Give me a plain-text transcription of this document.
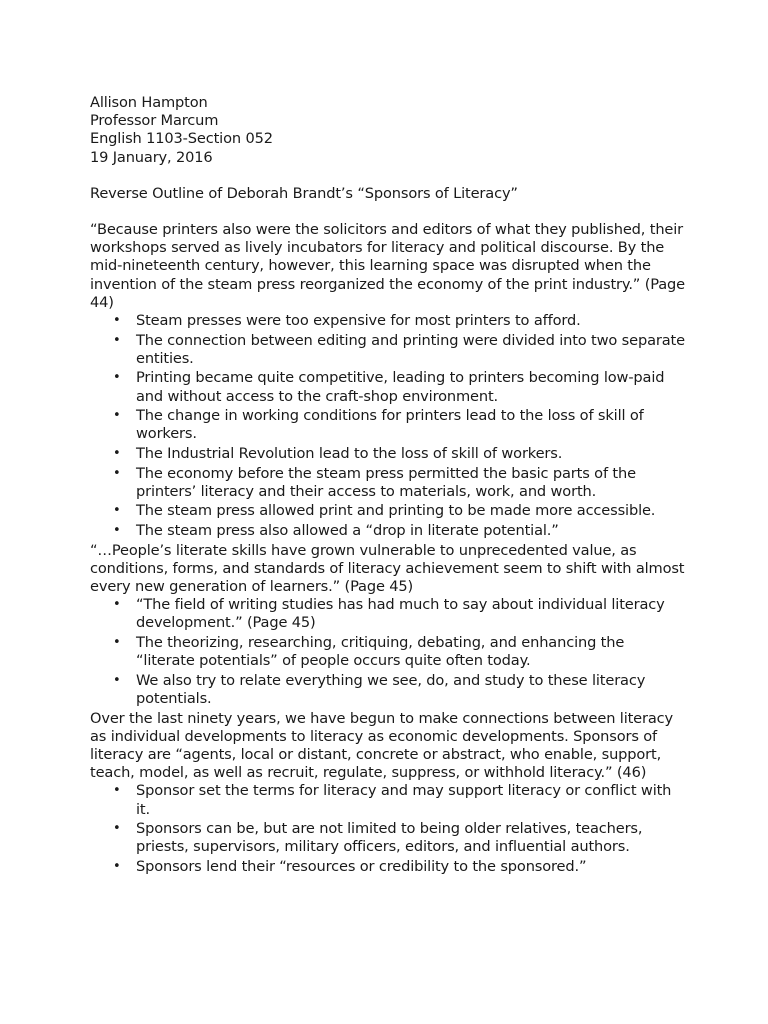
Allison Hampton

Professor Marcum

English 1103-Section 052

19 January, 2016

Reverse Outline of Deborah Brandt’s “Sponsors of Literacy”

“Because printers also were the solicitors and editors of what they published, their workshops served as lively incubators for literacy and political discourse. By the mid-nineteenth century, however, this learning space was disrupted when the invention of the steam press reorganized the economy of the print industry.” (Page 44)

• Steam presses were too expensive for most printers to afford.
• The connection between editing and printing were divided into two separate entities.
• Printing became quite competitive, leading to printers becoming low-paid and without access to the craft-shop environment.
• The change in working conditions for printers lead to the loss of skill of workers.
• The Industrial Revolution lead to the loss of skill of workers.
• The economy before the steam press permitted the basic parts of the printers’ literacy and their access to materials, work, and worth.
• The steam press allowed print and printing to be made more accessible.
• The steam press also allowed a “drop in literate potential.”

“…People’s literate skills have grown vulnerable to unprecedented value, as conditions, forms, and standards of literacy achievement seem to shift with almost every new generation of learners.” (Page 45)

• “The field of writing studies has had much to say about individual literacy development.” (Page 45)
• The theorizing, researching, critiquing, debating, and enhancing the “literate potentials” of people occurs quite often today.
• We also try to relate everything we see, do, and study to these literacy potentials.

Over the last ninety years, we have begun to make connections between literacy as individual developments to literacy as economic developments. Sponsors of literacy are “agents, local or distant, concrete or abstract, who enable, support, teach, model, as well as recruit, regulate, suppress, or withhold literacy.” (46)

• Sponsor set the terms for literacy and may support literacy or conflict with it.
• Sponsors can be, but are not limited to being older relatives, teachers, priests, supervisors, military officers, editors, and influential authors.
• Sponsors lend their “resources or credibility to the sponsored.”
